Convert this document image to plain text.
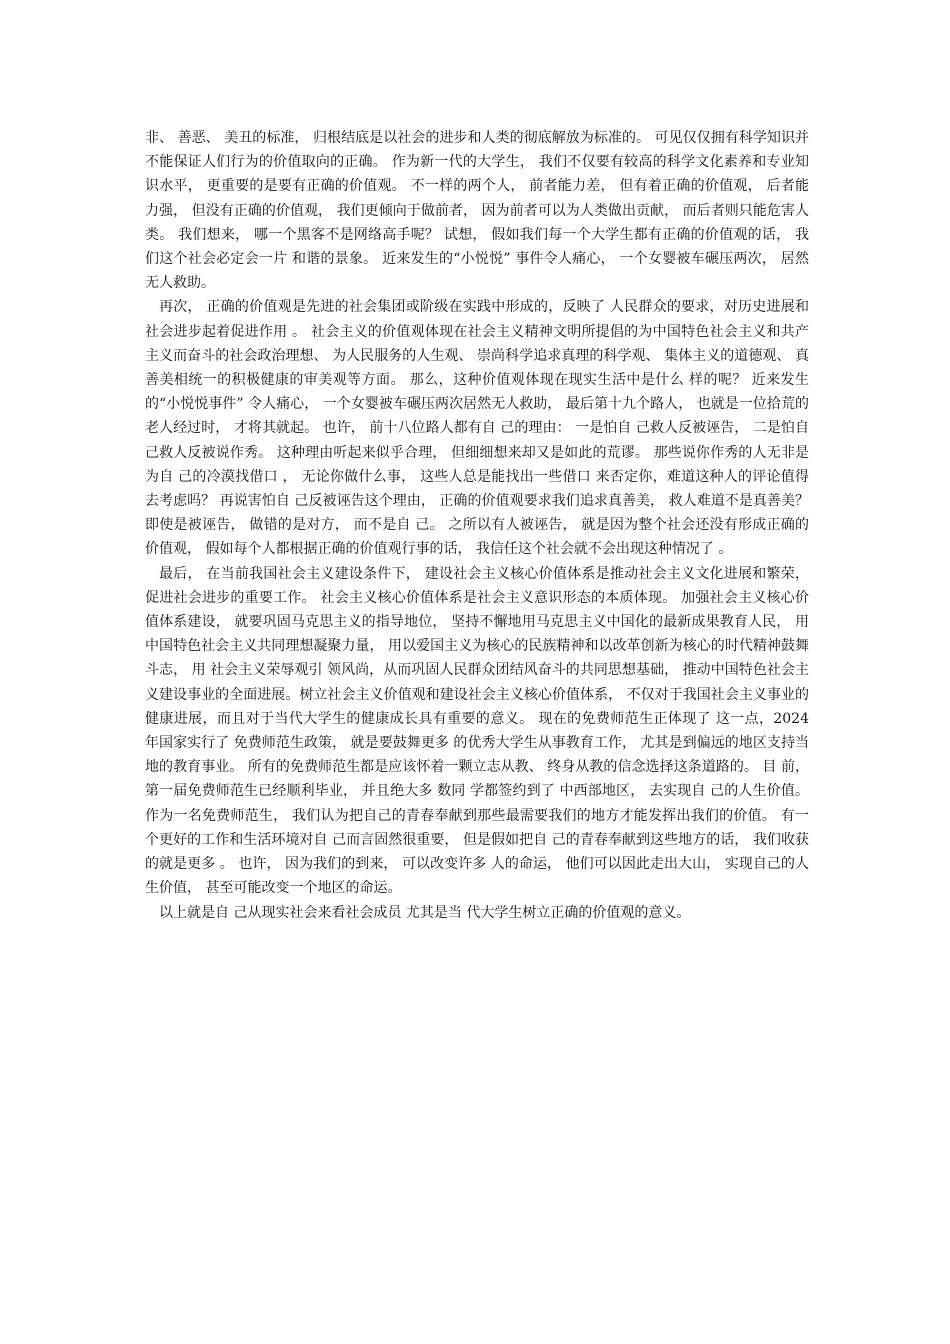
非、 善恶、 美丑的标准， 归根结底是以社会的进步和人类的彻底解放为标准的。 可见仅仅拥有科学知识并不能保证人们行为的价值取向的正确。 作为新一代的大学生， 我们不仅要有较高的科学文化素养和专业知识水平， 更重要的是要有正确的价值观。 不一样的两个人， 前者能力差， 但有着正确的价值观， 后者能力强， 但没有正确的价值观， 我们更倾向于做前者， 因为前者可以为人类做出贡献， 而后者则只能危害人类。 我们想来， 哪一个黑客不是网络高手呢？ 试想， 假如我们每一个大学生都有正确的价值观的话， 我们这个社会必定会一片 和谐的景象。 近来发生的“小悦悦” 事件令人痛心， 一个女婴被车碾压两次， 居然无人救助。

再次， 正确的价值观是先进的社会集团或阶级在实践中形成的，反映了 人民群众的要求，对历史进展和社会进步起着促进作用 。 社会主义的价值观体现在社会主义精神文明所提倡的为中国特色社会主义和共产主义而奋斗的社会政治理想、 为人民服务的人生观、 崇尚科学追求真理的科学观、 集体主义的道德观、 真善美相统一的积极健康的审美观等方面。 那么，这种价值观体现在现实生活中是什么 样的呢？ 近来发生的“小悦悦事件” 令人痛心， 一个女婴被车碾压两次居然无人救助， 最后第十九个路人， 也就是一位拾荒的老人经过时， 才将其就起。 也许， 前十八位路人都有自 己的理由： 一是怕自 己救人反被诬告， 二是怕自 己救人反被说作秀。 这种理由听起来似乎合理， 但细细想来却又是如此的荒谬。 那些说你作秀的人无非是为自 己的冷漠找借口 ， 无论你做什么事， 这些人总是能找出一些借口 来否定你，难道这种人的评论值得去考虑吗？ 再说害怕自 己反被诬告这个理由， 正确的价值观要求我们追求真善美， 救人难道不是真善美？ 即使是被诬告， 做错的是对方， 而不是自 己。 之所以有人被诬告， 就是因为整个社会还没有形成正确的价值观， 假如每个人都根据正确的价值观行事的话， 我信任这个社会就不会出现这种情况了 。

最后， 在当前我国社会主义建设条件下， 建设社会主义核心价值体系是推动社会主义文化进展和繁荣， 促进社会进步的重要工作。 社会主义核心价值体系是社会主义意识形态的本质体现。 加强社会主义核心价值体系建设， 就要巩固马克思主义的指导地位， 坚持不懈地用马克思主义中国化的最新成果教育人民， 用 中国特色社会主义共同理想凝聚力量， 用以爱国主义为核心的民族精神和以改革创新为核心的时代精神鼓舞斗志， 用 社会主义荣辱观引 领风尚，从而巩固人民群众团结风奋斗的共同思想基础， 推动中国特色社会主义建设事业的全面进展。树立社会主义价值观和建设社会主义核心价值体系， 不仅对于我国社会主义事业的健康进展，而且对于当代大学生的健康成长具有重要的意义。 现在的免费师范生正体现了 这一点，2024 年国家实行了 免费师范生政策， 就是要鼓舞更多 的优秀大学生从事教育工作， 尤其是到偏远的地区支持当地的教育事业。 所有的免费师范生都是应该怀着一颗立志从教、 终身从教的信念选择这条道路的。 目 前， 第一届免费师范生已经顺利毕业， 并且绝大多 数同 学都签约到了 中西部地区， 去实现自 己的人生价值。 作为一名免费师范生， 我们认为把自己的青春奉献到那些最需要我们的地方才能发挥出我们的价值。 有一个更好的工作和生活环境对自 己而言固然很重要， 但是假如把自 己的青春奉献到这些地方的话， 我们收获的就是更多 。 也许， 因为我们的到来， 可以改变许多 人的命运， 他们可以因此走出大山， 实现自己的人生价值， 甚至可能改变一个地区的命运。

以上就是自 己从现实社会来看社会成员 尤其是当 代大学生树立正确的价值观的意义。
